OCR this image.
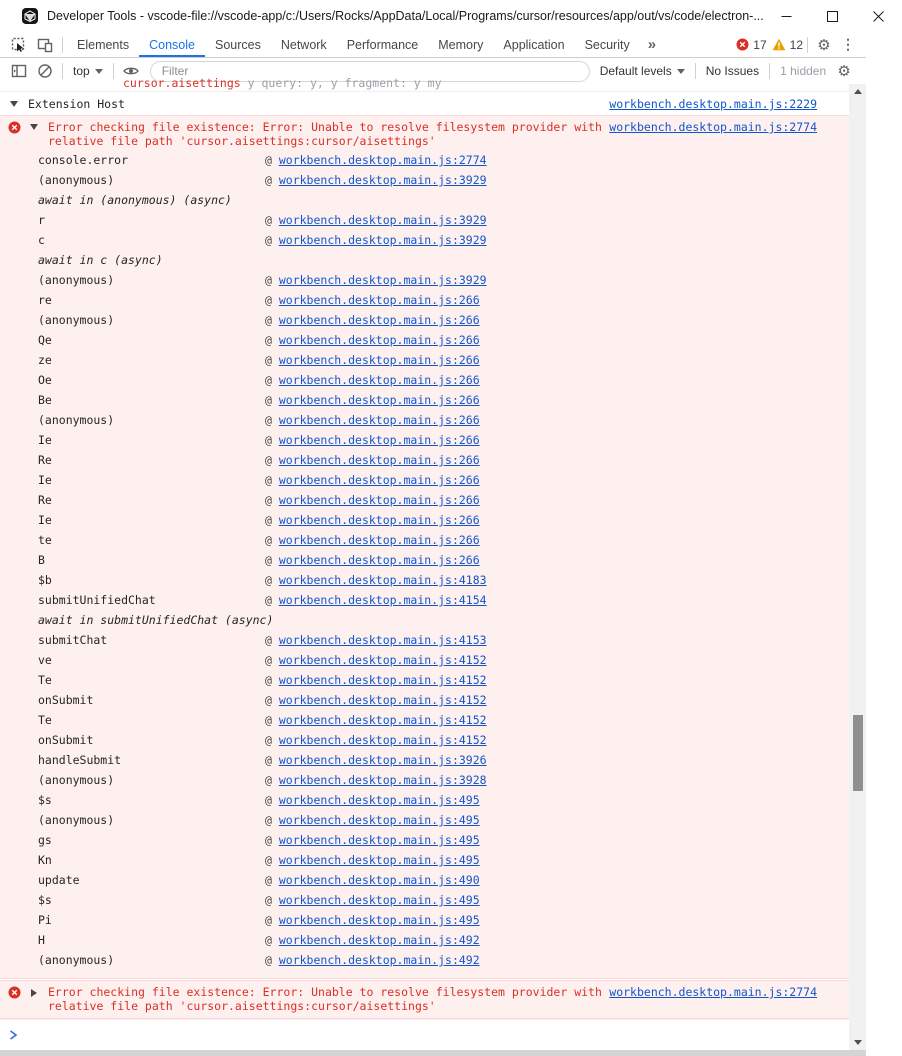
Developer Tools - vscode-file://vscode-app/c:/Users/Rocks/AppData/Local/Programs/cursor/resources/app/out/vs/code/electron-...
Elements Console Sources Network Performance Memory Application Security	»	17 12 ⚙ ⋮
top
Filter	Default levels	No Issues 1 hidden ⚙
cursor.aisettings y query: y, y fragment: y my
Extension Host	workbench.desktop.main.js:2229
Error checking file existence: Error: Unable to resolve filesystem provider with
relative file path 'cursor.aisettings:cursor/aisettings'
workbench.desktop.main.js:2774
console.error	@ workbench.desktop.main.js:2774
(anonymous)	@ workbench.desktop.main.js:3929
await in (anonymous) (async)
r	@ workbench.desktop.main.js:3929
c	@ workbench.desktop.main.js:3929
await in c (async)
(anonymous)	@ workbench.desktop.main.js:3929
re	@ workbench.desktop.main.js:266
(anonymous)	@ workbench.desktop.main.js:266
Qe	@ workbench.desktop.main.js:266
ze	@ workbench.desktop.main.js:266
Oe	@ workbench.desktop.main.js:266
Be	@ workbench.desktop.main.js:266
(anonymous)	@ workbench.desktop.main.js:266
Ie	@ workbench.desktop.main.js:266
Re	@ workbench.desktop.main.js:266
Ie	@ workbench.desktop.main.js:266
Re	@ workbench.desktop.main.js:266
Ie	@ workbench.desktop.main.js:266
te	@ workbench.desktop.main.js:266
B	@ workbench.desktop.main.js:266
$b	@ workbench.desktop.main.js:4183
submitUnifiedChat	@ workbench.desktop.main.js:4154
await in submitUnifiedChat (async)
submitChat	@ workbench.desktop.main.js:4153
ve	@ workbench.desktop.main.js:4152
Te	@ workbench.desktop.main.js:4152
onSubmit	@ workbench.desktop.main.js:4152
Te	@ workbench.desktop.main.js:4152
onSubmit	@ workbench.desktop.main.js:4152
handleSubmit	@ workbench.desktop.main.js:3926
(anonymous)	@ workbench.desktop.main.js:3928
$s	@ workbench.desktop.main.js:495
(anonymous)	@ workbench.desktop.main.js:495
gs	@ workbench.desktop.main.js:495
Kn	@ workbench.desktop.main.js:495
update	@ workbench.desktop.main.js:490
$s	@ workbench.desktop.main.js:495
Pi	@ workbench.desktop.main.js:495
H	@ workbench.desktop.main.js:492
(anonymous)	@ workbench.desktop.main.js:492
Error checking file existence: Error: Unable to resolve filesystem provider with
relative file path 'cursor.aisettings:cursor/aisettings'
workbench.desktop.main.js:2774
